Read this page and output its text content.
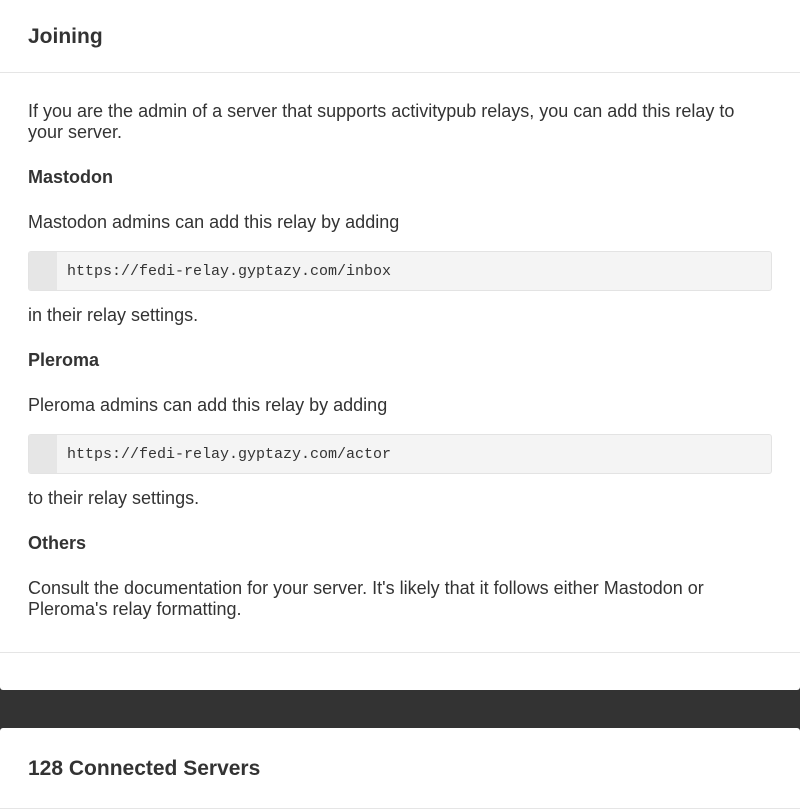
Joining

If you are the admin of a server that supports activitypub relays, you can add this relay to your server.

Mastodon

Mastodon admins can add this relay by adding

https://fedi-relay.gyptazy.com/inbox

in their relay settings.

Pleroma

Pleroma admins can add this relay by adding

https://fedi-relay.gyptazy.com/actor

to their relay settings.

Others

Consult the documentation for your server. It's likely that it follows either Mastodon or Pleroma's relay formatting.

128 Connected Servers
